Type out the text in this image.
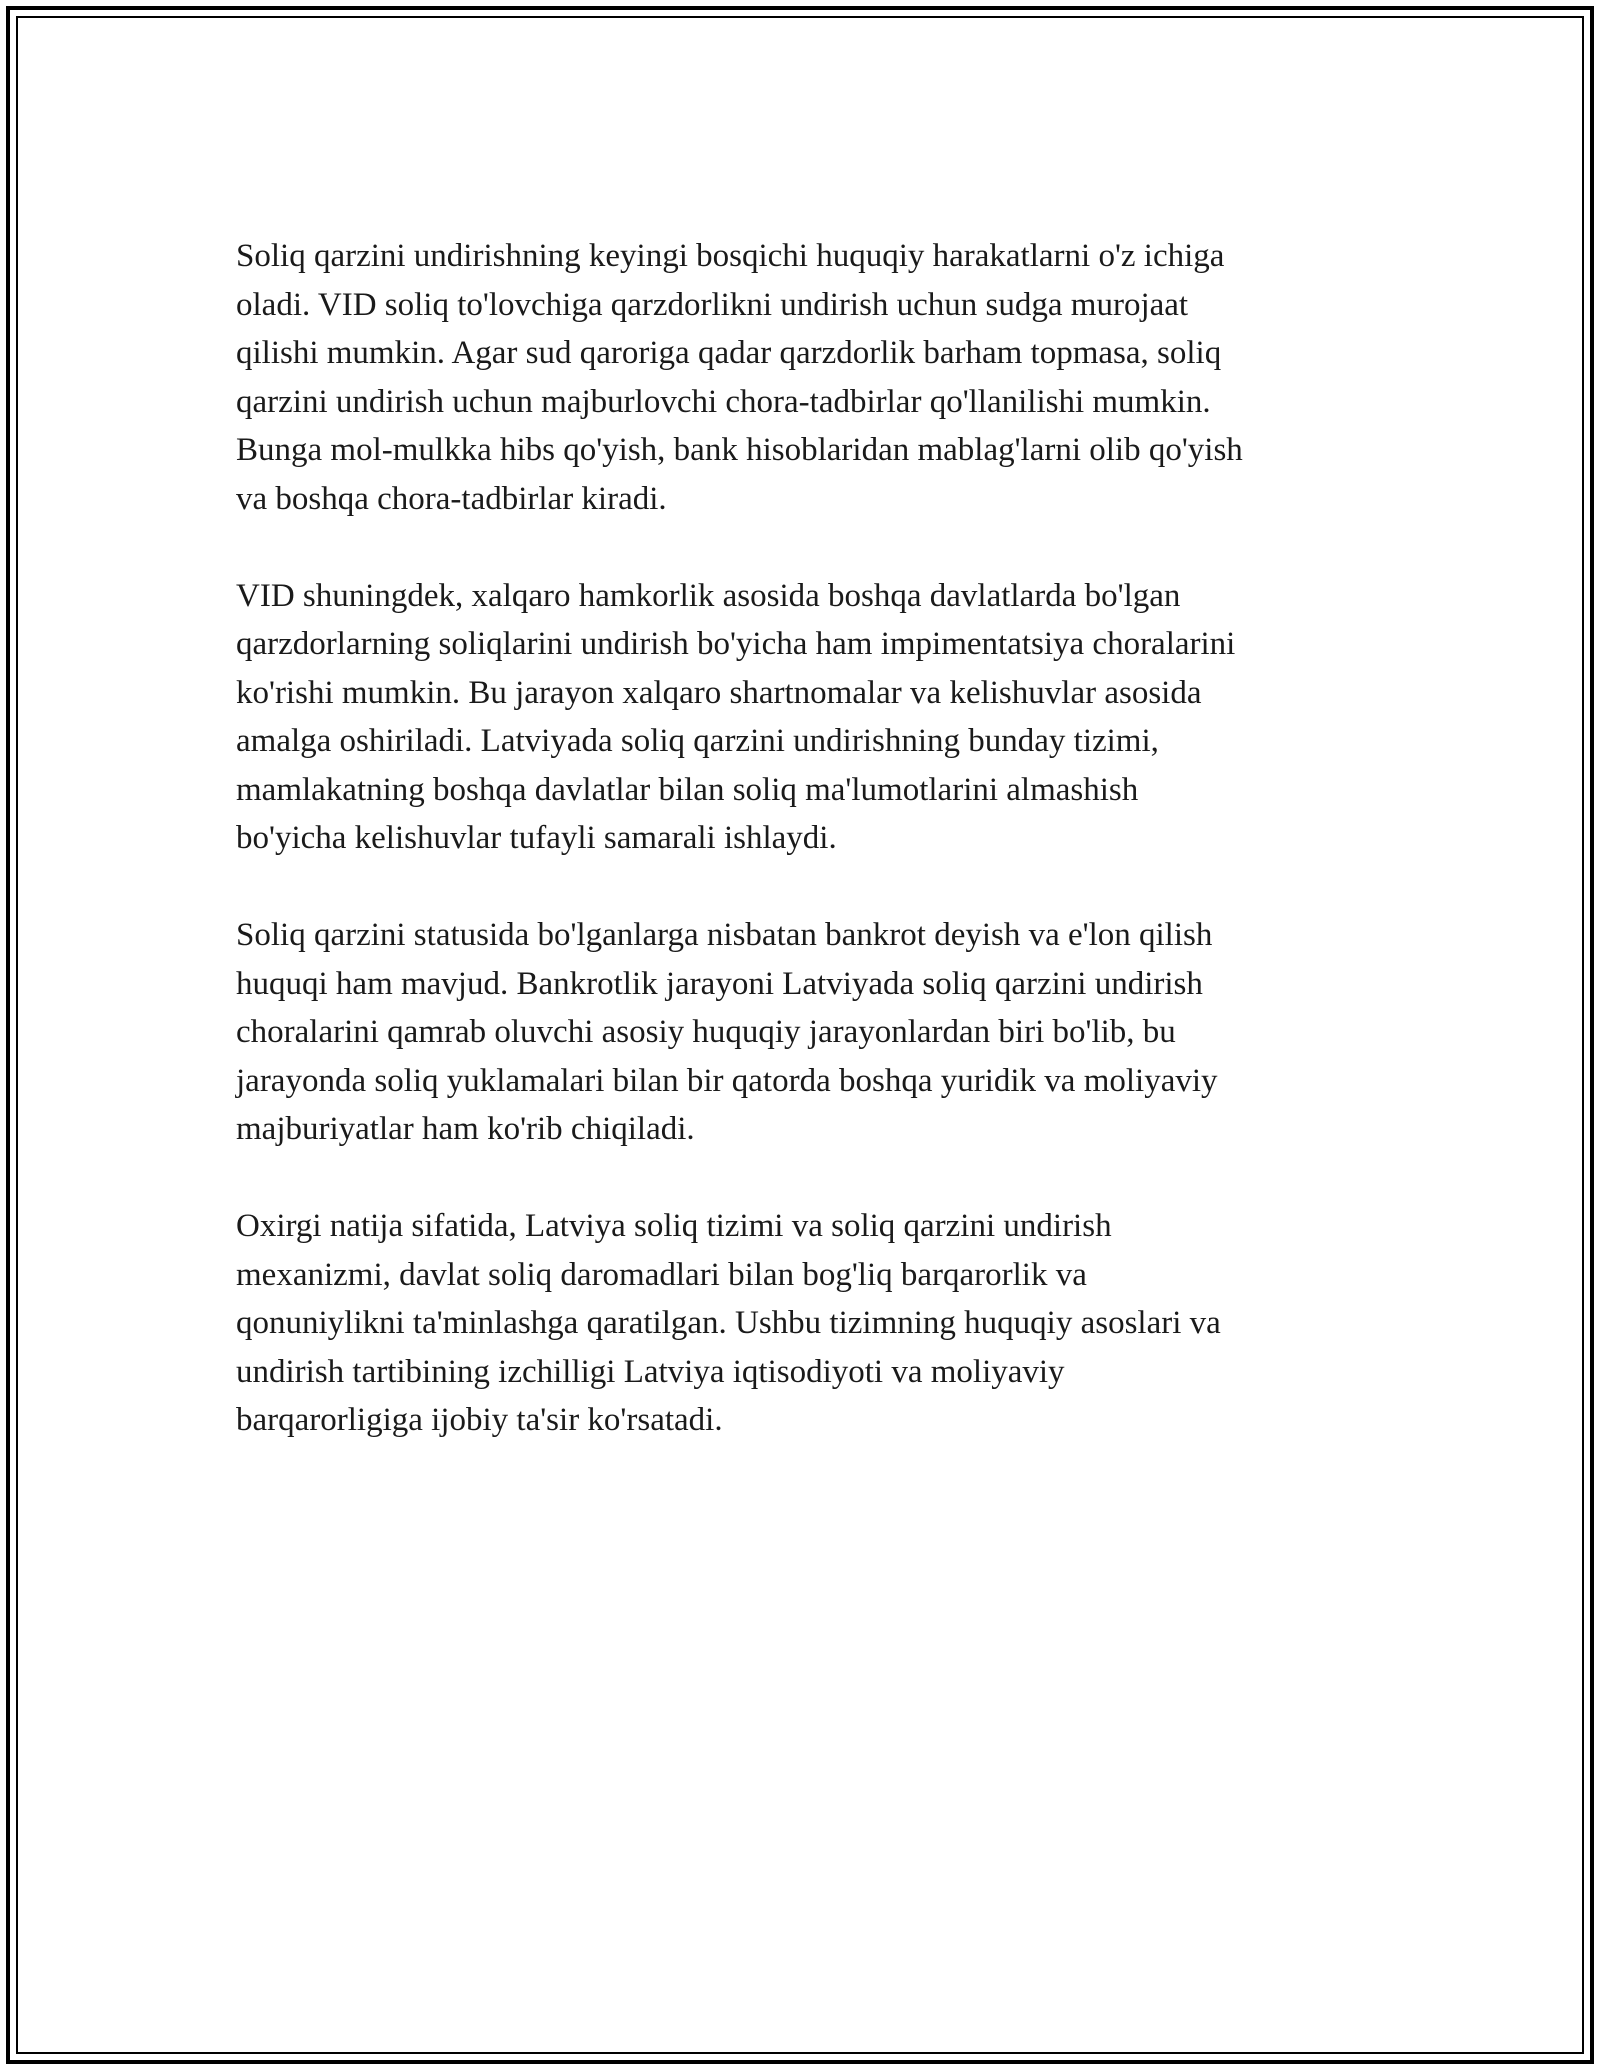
Soliq qarzini undirishning keyingi bosqichi huquqiy harakatlarni o'z ichiga
oladi. VID soliq to'lovchiga qarzdorlikni undirish uchun sudga murojaat
qilishi mumkin. Agar sud qaroriga qadar qarzdorlik barham topmasa, soliq
qarzini undirish uchun majburlovchi chora-tadbirlar qo'llanilishi mumkin.
Bunga mol-mulkka hibs qo'yish, bank hisoblaridan mablag'larni olib qo'yish
va boshqa chora-tadbirlar kiradi.

VID shuningdek, xalqaro hamkorlik asosida boshqa davlatlarda bo'lgan
qarzdorlarning soliqlarini undirish bo'yicha ham impimentatsiya choralarini
ko'rishi mumkin. Bu jarayon xalqaro shartnomalar va kelishuvlar asosida
amalga oshiriladi. Latviyada soliq qarzini undirishning bunday tizimi,
mamlakatning boshqa davlatlar bilan soliq ma'lumotlarini almashish
bo'yicha kelishuvlar tufayli samarali ishlaydi.

Soliq qarzini statusida bo'lganlarga nisbatan bankrot deyish va e'lon qilish
huquqi ham mavjud. Bankrotlik jarayoni Latviyada soliq qarzini undirish
choralarini qamrab oluvchi asosiy huquqiy jarayonlardan biri bo'lib, bu
jarayonda soliq yuklamalari bilan bir qatorda boshqa yuridik va moliyaviy
majburiyatlar ham ko'rib chiqiladi.

Oxirgi natija sifatida, Latviya soliq tizimi va soliq qarzini undirish
mexanizmi, davlat soliq daromadlari bilan bog'liq barqarorlik va
qonuniylikni ta'minlashga qaratilgan. Ushbu tizimning huquqiy asoslari va
undirish tartibining izchilligi Latviya iqtisodiyoti va moliyaviy
barqarorligiga ijobiy ta'sir ko'rsatadi.
